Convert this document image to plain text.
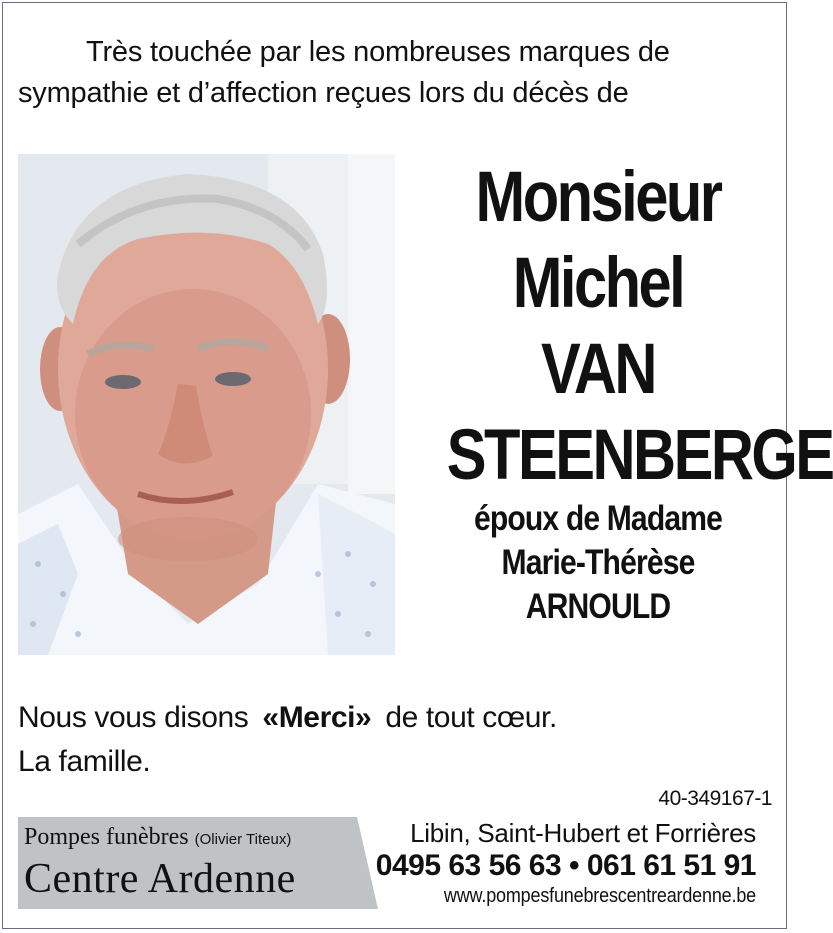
Très touchée par les nombreuses marques de
sympathie et d’affection reçues lors du décès de
Monsieur
Michel
VAN
STEENBERGE
époux de Madame
Marie-Thérèse
ARNOULD
Nous vous disons «Merci» de tout cœur.
La famille.
40-349167-1
Pompes funèbres (Olivier Titeux)
Centre Ardenne
Libin, Saint-Hubert et Forrières
0495 63 56 63 • 061 61 51 91
www.pompesfunebrescentreardenne.be
